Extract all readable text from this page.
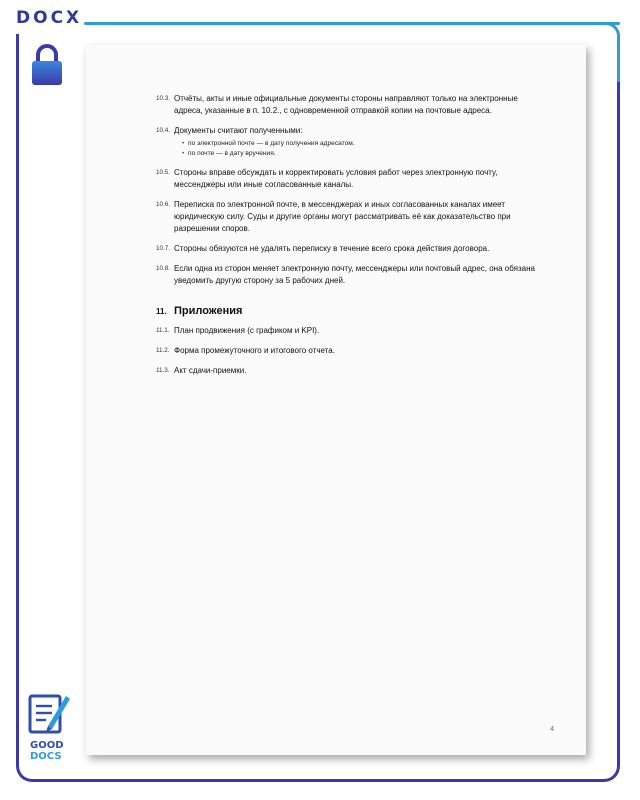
DOCX
10.3. Отчёты, акты и иные официальные документы стороны направляют только на электронные адреса, указанные в п. 10.2., с одновременной отправкой копии на почтовые адреса.
10.4. Документы считают полученными:
• по электронной почте — в дату получения адресатом.
• по почте — в дату вручения.
10.5. Стороны вправе обсуждать и корректировать условия работ через электронную почту, мессенджеры или иные согласованные каналы.
10.6. Переписка по электронной почте, в мессенджерах и иных согласованных каналах имеет юридическую силу. Суды и другие органы могут рассматривать её как доказательство при разрешении споров.
10.7. Стороны обязуются не удалять переписку в течение всего срока действия договора.
10.8. Если одна из сторон меняет электронную почту, мессенджеры или почтовый адрес, она обязана уведомить другую сторону за 5 рабочих дней.
11. Приложения
11.1. План продвижения (с графиком и KPI).
11.2. Форма промежуточного и итогового отчета.
11.3. Акт сдачи-приемки.
4
GOOD
DOCS
